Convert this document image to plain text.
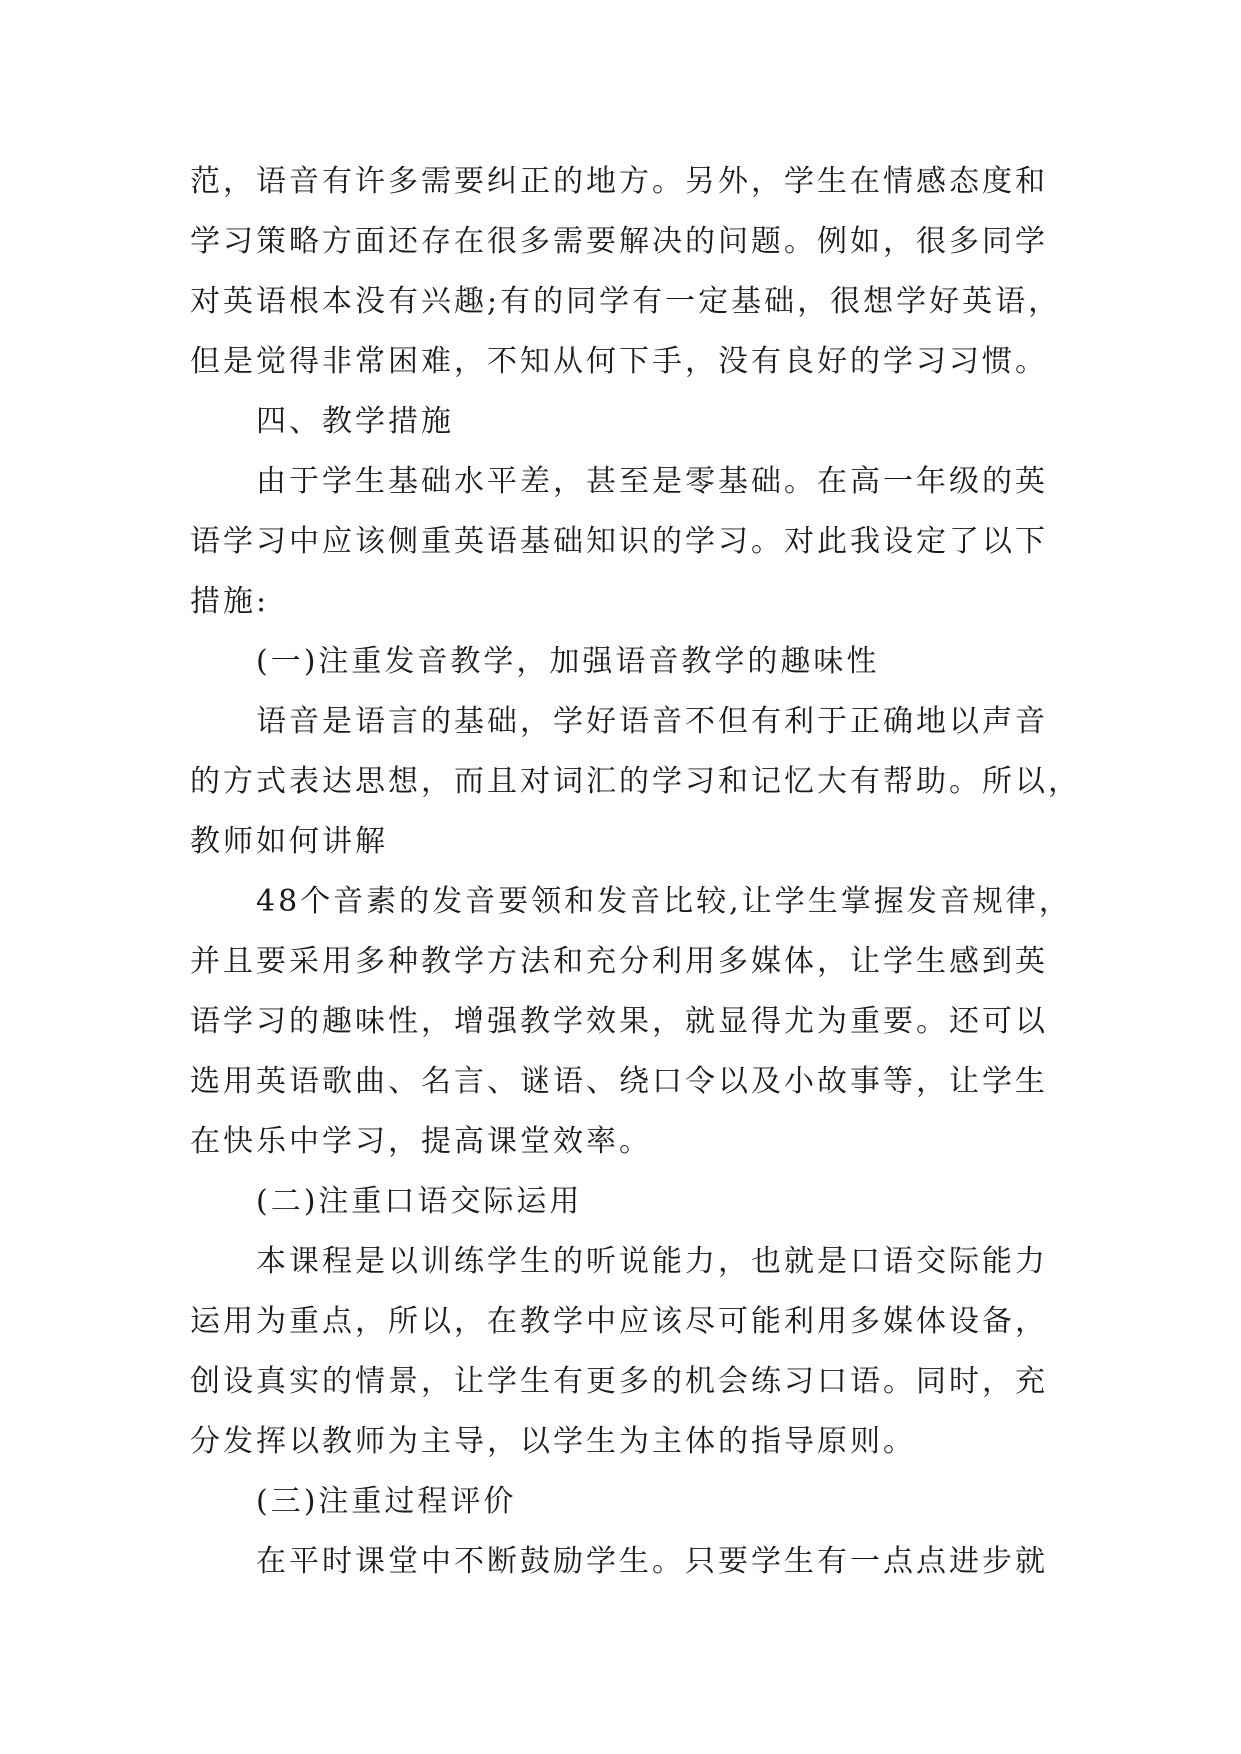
范，语音有许多需要纠正的地方。另外，学生在情感态度和
学习策略方面还存在很多需要解决的问题。例如，很多同学
对英语根本没有兴趣;有的同学有一定基础，很想学好英语，
但是觉得非常困难，不知从何下手，没有良好的学习习惯。
四、教学措施
由于学生基础水平差，甚至是零基础。在高一年级的英
语学习中应该侧重英语基础知识的学习。对此我设定了以下
措施:
(一)注重发音教学，加强语音教学的趣味性
语音是语言的基础，学好语音不但有利于正确地以声音
的方式表达思想，而且对词汇的学习和记忆大有帮助。所以，
教师如何讲解
48个音素的发音要领和发音比较,让学生掌握发音规律，
并且要采用多种教学方法和充分利用多媒体，让学生感到英
语学习的趣味性，增强教学效果，就显得尤为重要。还可以
选用英语歌曲、名言、谜语、绕口令以及小故事等，让学生
在快乐中学习，提高课堂效率。
(二)注重口语交际运用
本课程是以训练学生的听说能力，也就是口语交际能力
运用为重点，所以，在教学中应该尽可能利用多媒体设备，
创设真实的情景，让学生有更多的机会练习口语。同时，充
分发挥以教师为主导，以学生为主体的指导原则。
(三)注重过程评价
在平时课堂中不断鼓励学生。只要学生有一点点进步就
